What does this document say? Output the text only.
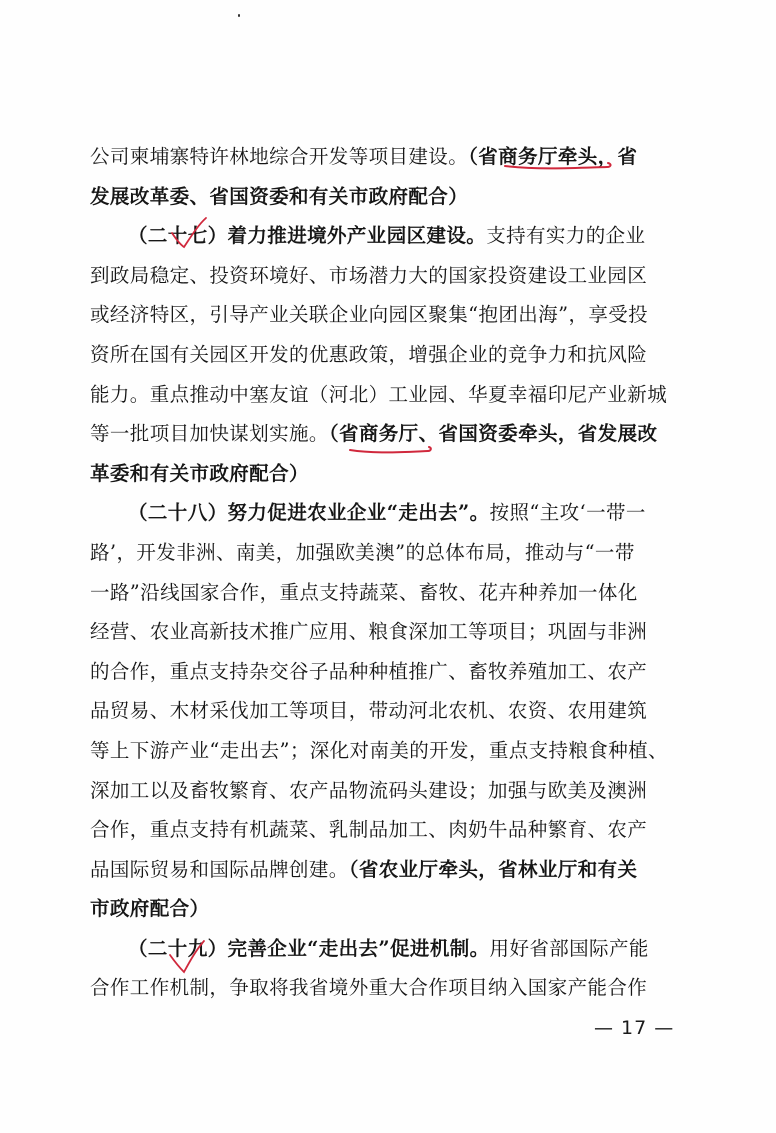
公司柬埔寨特许林地综合开发等项目建设。（省商务厅牵头，省
发展改革委、省国资委和有关市政府配合）
（二十七）着力推进境外产业园区建设。支持有实力的企业
到政局稳定、投资环境好、市场潜力大的国家投资建设工业园区
或经济特区，引导产业关联企业向园区聚集“抱团出海”，享受投
资所在国有关园区开发的优惠政策，增强企业的竞争力和抗风险
能力。重点推动中塞友谊（河北）工业园、华夏幸福印尼产业新城
等一批项目加快谋划实施。（省商务厅、省国资委牵头，省发展改
革委和有关市政府配合）
（二十八）努力促进农业企业“走出去”。按照“主攻‘一带一
路’，开发非洲、南美，加强欧美澳”的总体布局，推动与“一带
一路”沿线国家合作，重点支持蔬菜、畜牧、花卉种养加一体化
经营、农业高新技术推广应用、粮食深加工等项目；巩固与非洲
的合作，重点支持杂交谷子品种种植推广、畜牧养殖加工、农产
品贸易、木材采伐加工等项目，带动河北农机、农资、农用建筑
等上下游产业“走出去”；深化对南美的开发，重点支持粮食种植、
深加工以及畜牧繁育、农产品物流码头建设；加强与欧美及澳洲
合作，重点支持有机蔬菜、乳制品加工、肉奶牛品种繁育、农产
品国际贸易和国际品牌创建。（省农业厅牵头，省林业厅和有关
市政府配合）
（二十九）完善企业“走出去”促进机制。用好省部国际产能
合作工作机制，争取将我省境外重大合作项目纳入国家产能合作
— 17 —
